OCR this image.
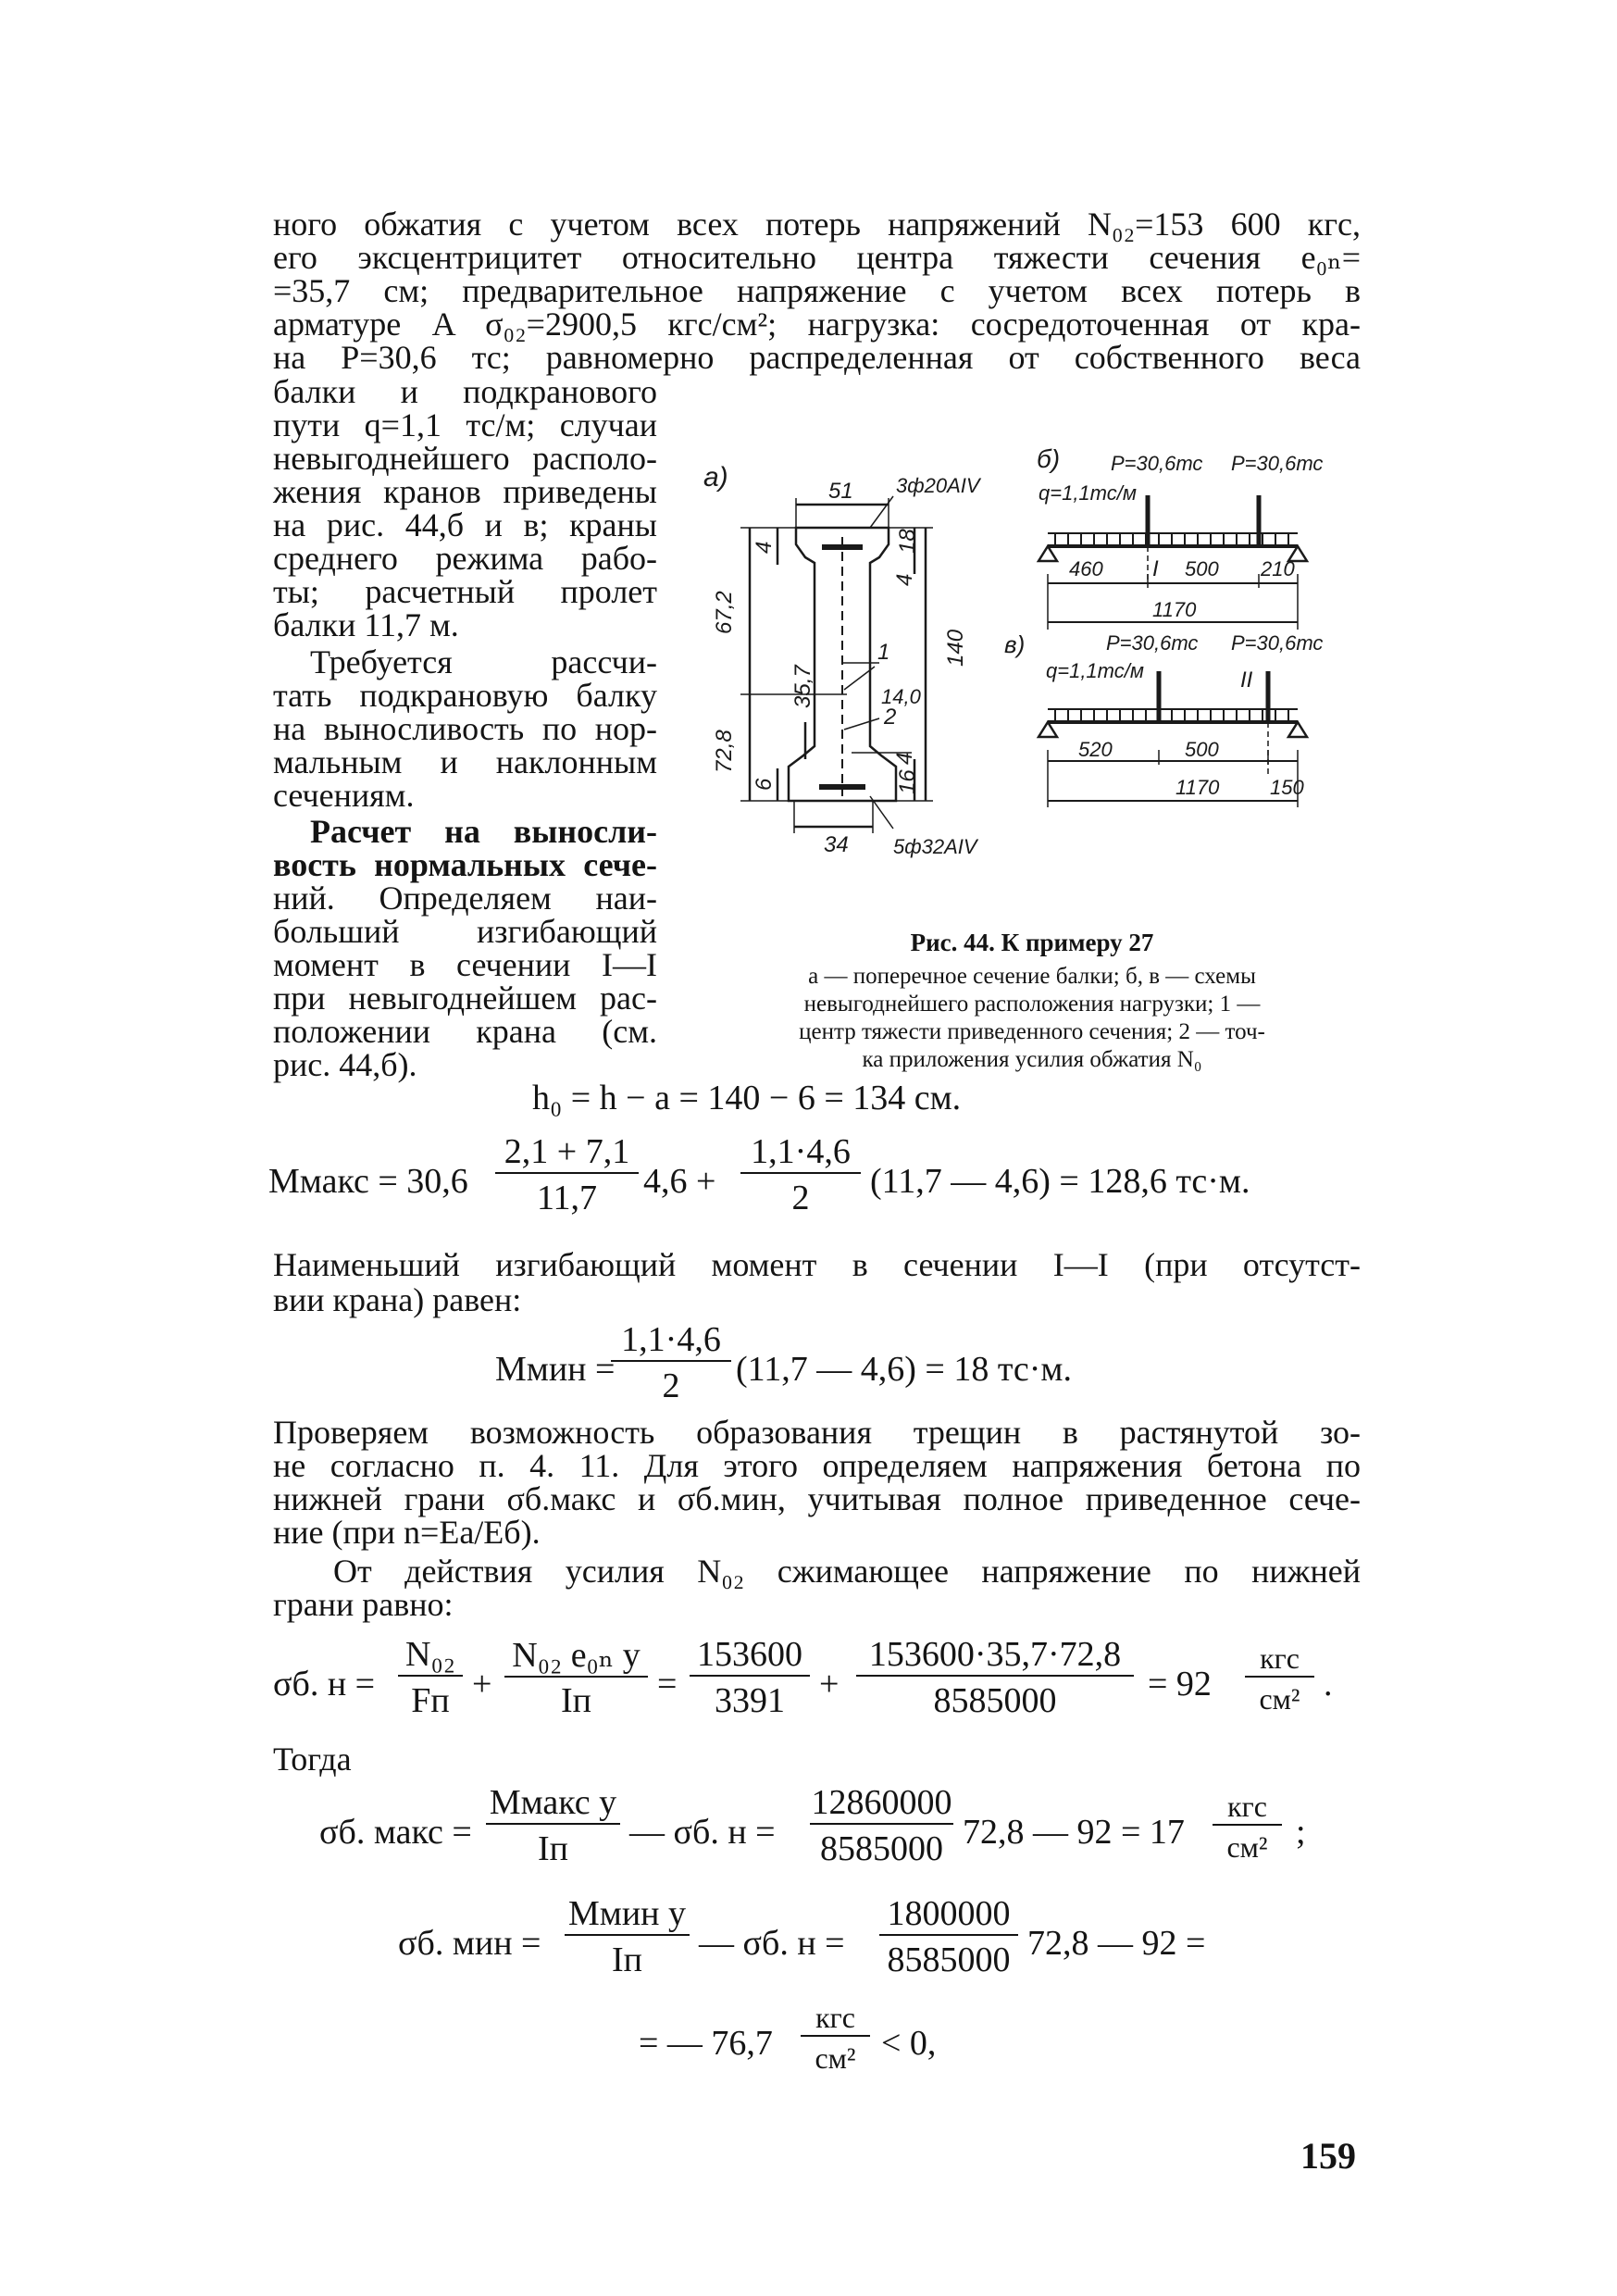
ного обжатия с учетом всех потерь напряжений N₀₂=153 600 кгс,
его эксцентрицитет относительно центра тяжести сечения e₀ₙ=
=35,7 см; предварительное напряжение с учетом всех потерь в
арматуре A σ₀₂=2900,5 кгс/см²; нагрузка: сосредоточенная от кра-
на P=30,6 тс; равномерно распределенная от собственного веса
балки и подкранового
пути q=1,1 тс/м; случаи
невыгоднейшего располо-
жения кранов приведены
на рис. 44,б и в; краны
среднего режима рабо-
ты; расчетный пролет
балки 11,7 м.
Требуется рассчи-
тать подкрановую балку
на выносливость по нор-
мальным и наклонным
сечениям.
Расчет на выносли-
вость нормальных сече-
ний. Определяем наи-
больший изгибающий
момент в сечении I—I
при невыгоднейшем рас-
положении крана (см.
рис. 44,б).
а)
б)
в)
51
34
3ф20AIV
5ф32AIV
67,2
72,8
140
35,7	14,0
4	18
4
4
6	16
1
2
P=30,6тс P=30,6тс
q=1,1тс/м
I
460	500 210
1170
P=30,6тс P=30,6тс
q=1,1тс/м	II
520	500
1170 150
Рис. 44. К примеру 27
а — поперечное сечение балки; б, в — схемы
невыгоднейшего расположения нагрузки; 1 —
центр тяжести приведенного сечения; 2 — точ-
ка приложения усилия обжатия N₀
h₀ = h − a = 140 − 6 = 134 см.
Mмакс = 30,6
2,1 + 7,1
11,7	4,6 +
1,1·4,6
2	(11,7 — 4,6) = 128,6 тс·м.
Наименьший изгибающий момент в сечении I—I (при отсутст-
вии крана) равен:
Mмин =
1,1·4,6
2	(11,7 — 4,6) = 18 тс·м.
Проверяем возможность образования трещин в растянутой зо-
не согласно п. 4. 11. Для этого определяем напряжения бетона по
нижней грани σб.макс и σб.мин, учитывая полное приведенное сече-
ние (при n=Eа/Eб).
От действия усилия N₀₂ сжимающее напряжение по нижней
грани равно:
σб. н =
N₀₂
Fп +
N₀₂ e₀ₙ y
Iп	=
153600
3391 +
153600·35,7·72,8
8585000	= 92
кгс
см² .
Тогда
σб. макс =
Mмакс y
Iп	— σб. н =
12860000
8585000 72,8 — 92 = 17
кгс
см² ;
σб. мин =
Mмин y
Iп	— σб. н =
1800000
8585000 72,8 — 92 =
= — 76,7
кгс
см² < 0,
159
